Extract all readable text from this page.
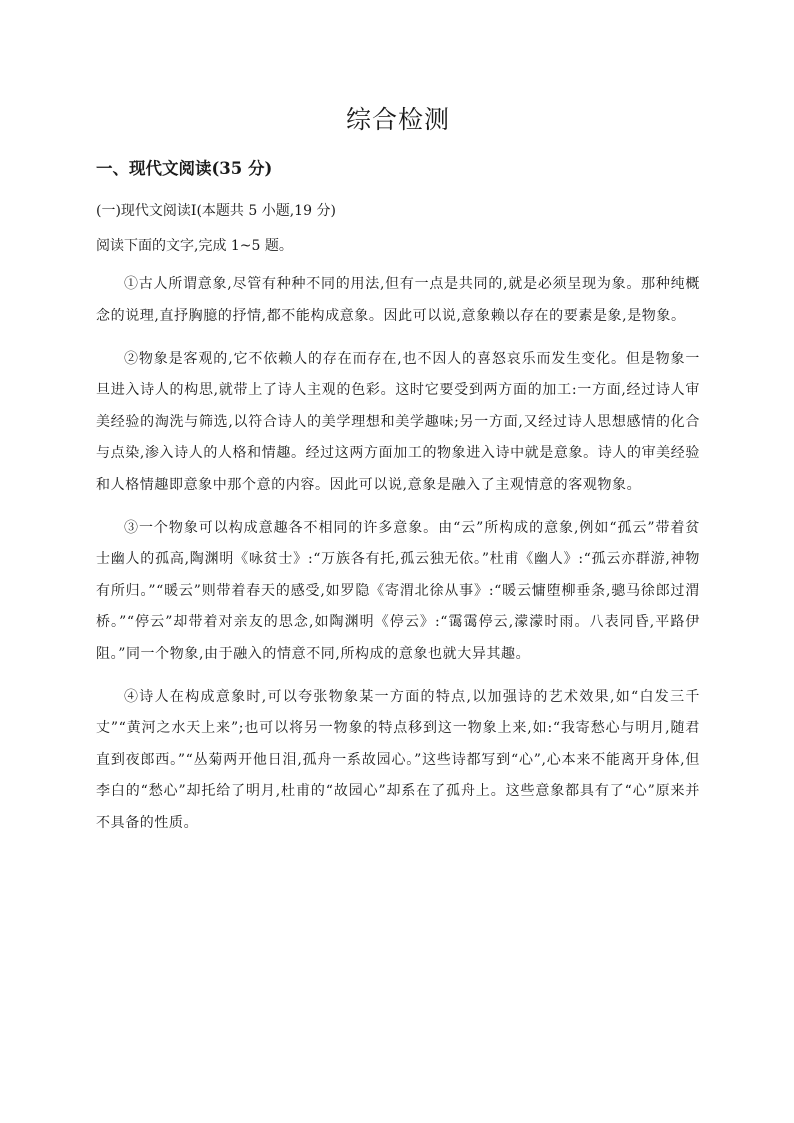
综合检测
一、现代文阅读(35 分)

(一)现代文阅读Ⅰ(本题共 5 小题,19 分)

阅读下面的文字,完成 1~5 题。

①古人所谓意象,尽管有种种不同的用法,但有一点是共同的,就是必须呈现为象。那种纯概念的说理,直抒胸臆的抒情,都不能构成意象。因此可以说,意象赖以存在的要素是象,是物象。

②物象是客观的,它不依赖人的存在而存在,也不因人的喜怒哀乐而发生变化。但是物象一旦进入诗人的构思,就带上了诗人主观的色彩。这时它要受到两方面的加工:一方面,经过诗人审美经验的淘洗与筛选,以符合诗人的美学理想和美学趣味;另一方面,又经过诗人思想感情的化合与点染,渗入诗人的人格和情趣。经过这两方面加工的物象进入诗中就是意象。诗人的审美经验和人格情趣即意象中那个意的内容。因此可以说,意象是融入了主观情意的客观物象。

③一个物象可以构成意趣各不相同的许多意象。由“云”所构成的意象,例如“孤云”带着贫士幽人的孤高,陶渊明《咏贫士》:“万族各有托,孤云独无依。”杜甫《幽人》:“孤云亦群游,神物有所归。”“暖云”则带着春天的感受,如罗隐《寄渭北徐从事》:“暖云慵堕柳垂条,骢马徐郎过渭桥。”“停云”却带着对亲友的思念,如陶渊明《停云》:“霭霭停云,濛濛时雨。八表同昏,平路伊阻。”同一个物象,由于融入的情意不同,所构成的意象也就大异其趣。

④诗人在构成意象时,可以夸张物象某一方面的特点,以加强诗的艺术效果,如“白发三千丈”“黄河之水天上来”;也可以将另一物象的特点移到这一物象上来,如:“我寄愁心与明月,随君直到夜郎西。”“丛菊两开他日泪,孤舟一系故园心。”这些诗都写到“心”,心本来不能离开身体,但李白的“愁心”却托给了明月,杜甫的“故园心”却系在了孤舟上。这些意象都具有了“心”原来并不具备的性质。
